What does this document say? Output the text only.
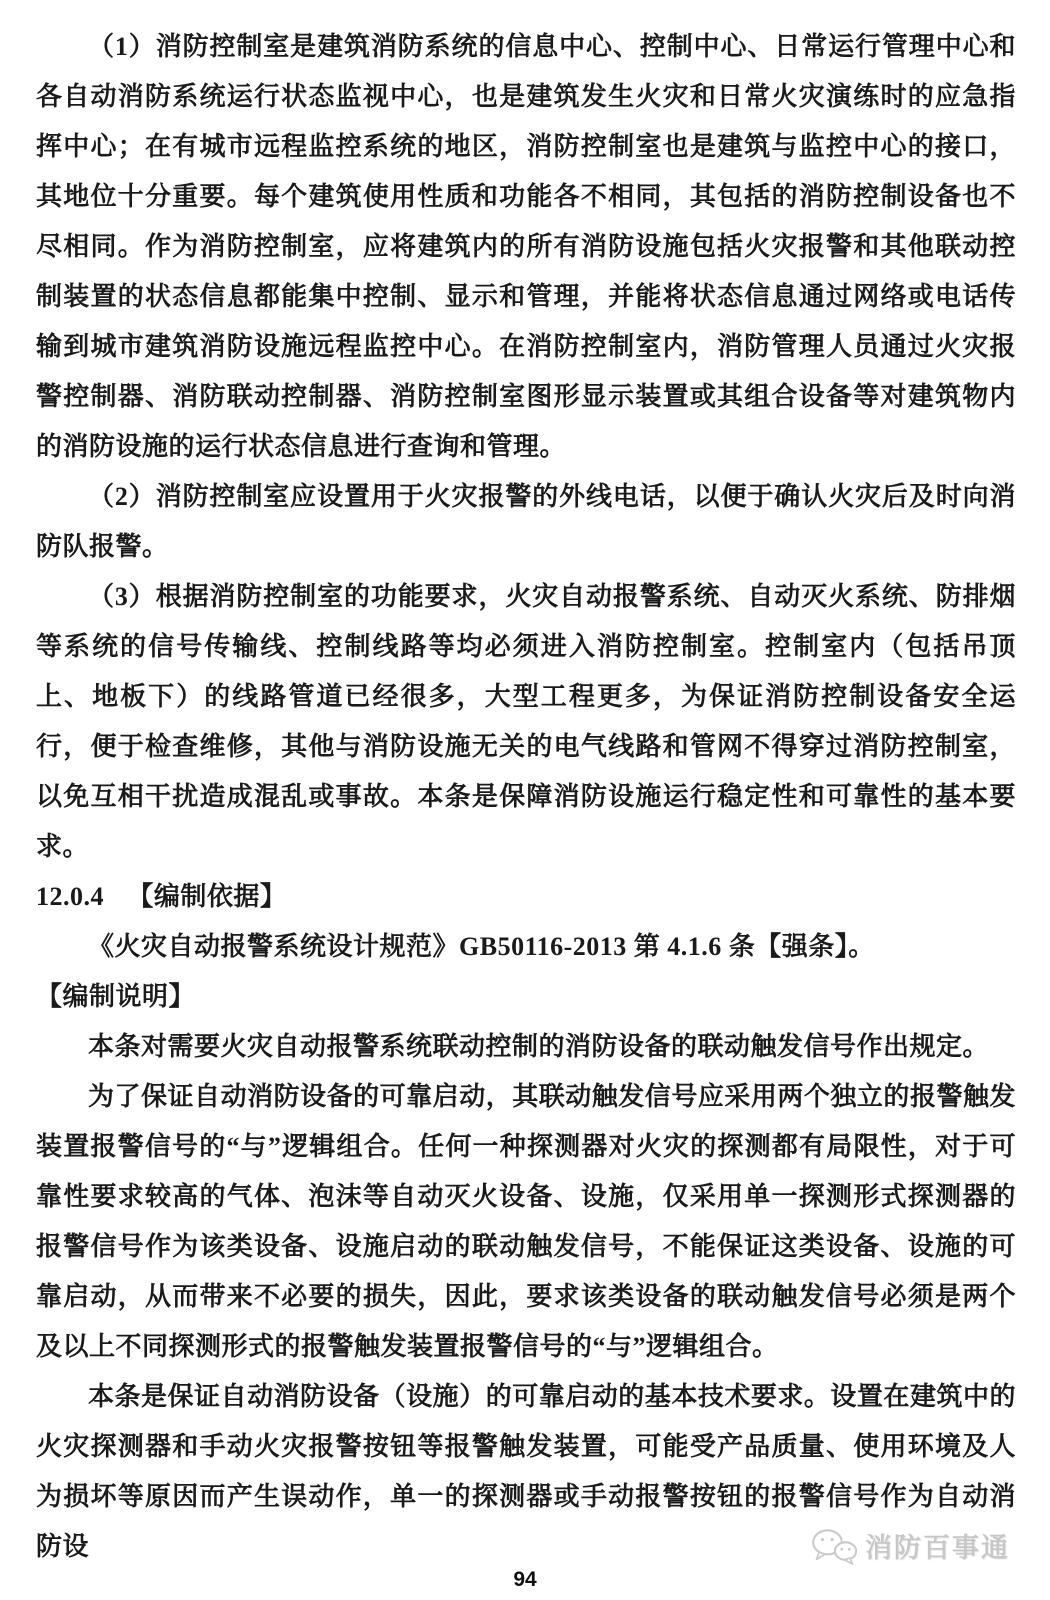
（1）消防控制室是建筑消防系统的信息中心、控制中心、日常运行管理中心和各自动消防系统运行状态监视中心，也是建筑发生火灾和日常火灾演练时的应急指挥中心；在有城市远程监控系统的地区，消防控制室也是建筑与监控中心的接口，其地位十分重要。每个建筑使用性质和功能各不相同，其包括的消防控制设备也不尽相同。作为消防控制室，应将建筑内的所有消防设施包括火灾报警和其他联动控制装置的状态信息都能集中控制、显示和管理，并能将状态信息通过网络或电话传输到城市建筑消防设施远程监控中心。在消防控制室内，消防管理人员通过火灾报警控制器、消防联动控制器、消防控制室图形显示装置或其组合设备等对建筑物内的消防设施的运行状态信息进行查询和管理。

（2）消防控制室应设置用于火灾报警的外线电话，以便于确认火灾后及时向消防队报警。

（3）根据消防控制室的功能要求，火灾自动报警系统、自动灭火系统、防排烟等系统的信号传输线、控制线路等均必须进入消防控制室。控制室内（包括吊顶上、地板下）的线路管道已经很多，大型工程更多，为保证消防控制设备安全运行，便于检查维修，其他与消防设施无关的电气线路和管网不得穿过消防控制室，以免互相干扰造成混乱或事故。本条是保障消防设施运行稳定性和可靠性的基本要求。

12.0.4 【编制依据】

《火灾自动报警系统设计规范》GB50116-2013 第 4.1.6 条【强条】。

【编制说明】

本条对需要火灾自动报警系统联动控制的消防设备的联动触发信号作出规定。

为了保证自动消防设备的可靠启动，其联动触发信号应采用两个独立的报警触发装置报警信号的“与”逻辑组合。任何一种探测器对火灾的探测都有局限性，对于可靠性要求较高的气体、泡沫等自动灭火设备、设施，仅采用单一探测形式探测器的报警信号作为该类设备、设施启动的联动触发信号，不能保证这类设备、设施的可靠启动，从而带来不必要的损失，因此，要求该类设备的联动触发信号必须是两个及以上不同探测形式的报警触发装置报警信号的“与”逻辑组合。

本条是保证自动消防设备（设施）的可靠启动的基本技术要求。设置在建筑中的火灾探测器和手动火灾报警按钮等报警触发装置，可能受产品质量、使用环境及人为损坏等原因而产生误动作，单一的探测器或手动报警按钮的报警信号作为自动消防设	消防百事通
94
